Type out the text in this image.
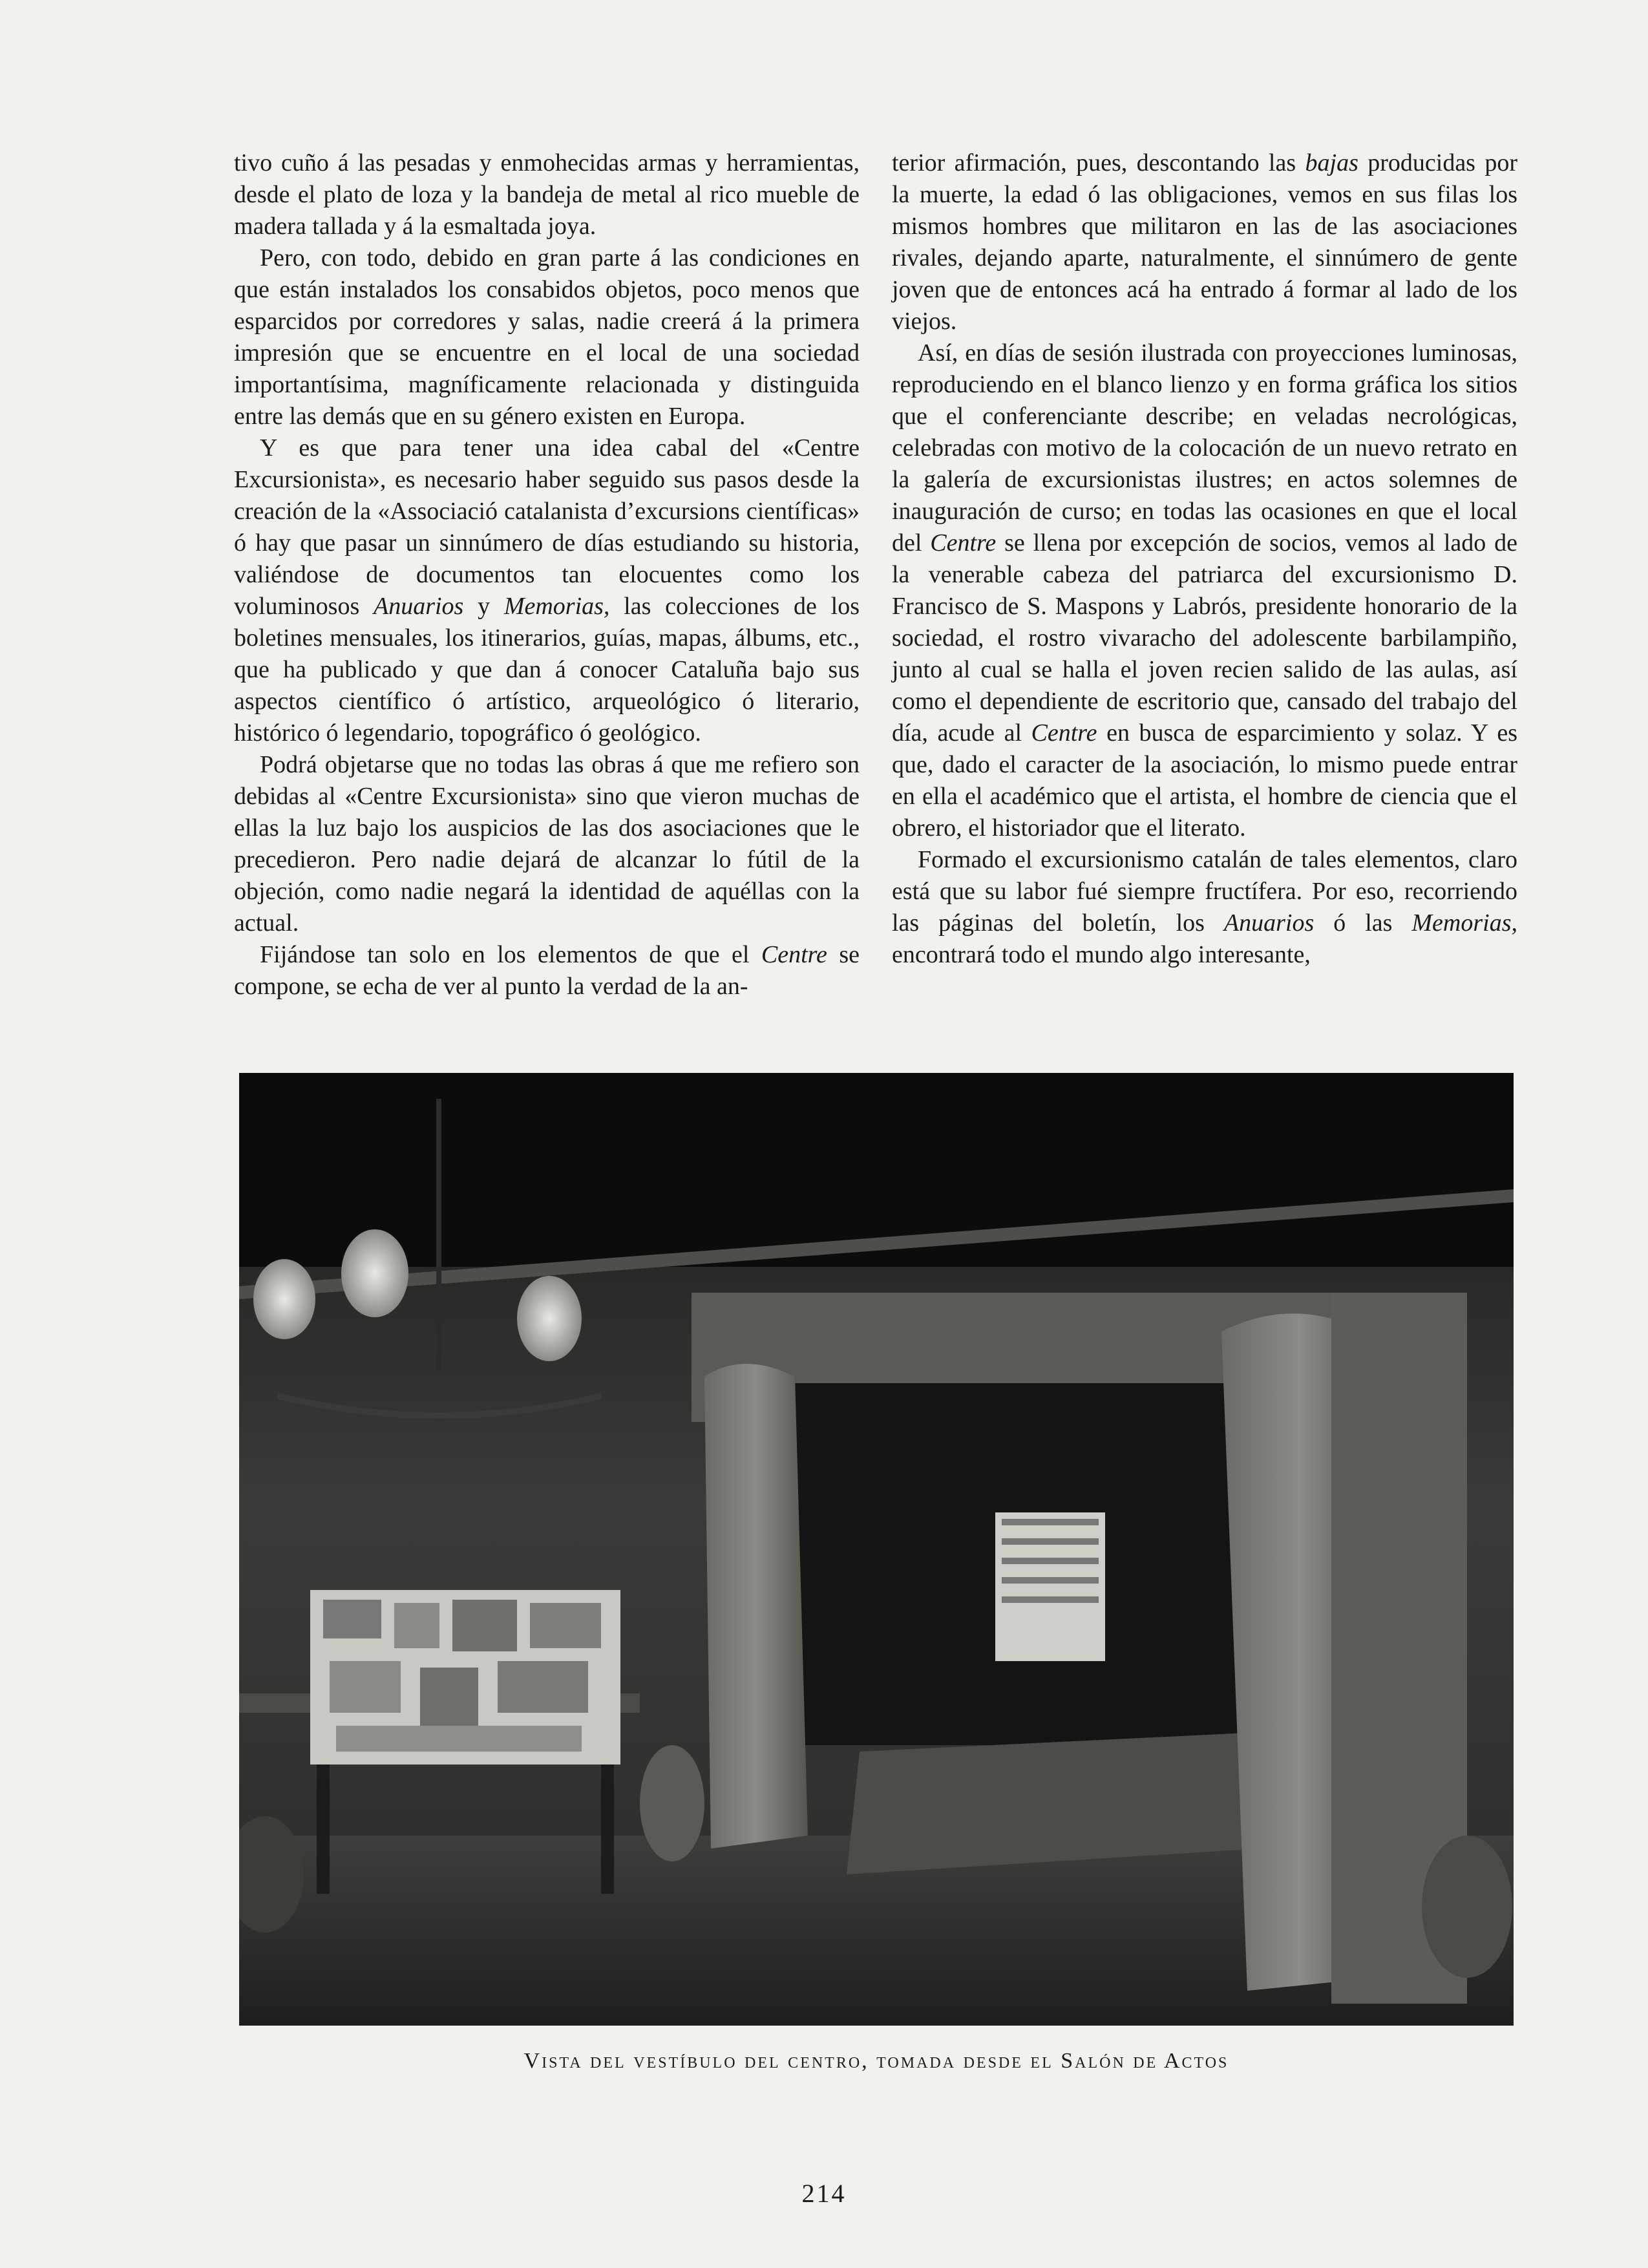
tivo cuño á las pesadas y enmohecidas armas y herramientas, desde el plato de loza y la bandeja de metal al rico mueble de madera tallada y á la esmaltada joya.

Pero, con todo, debido en gran parte á las condiciones en que están instalados los consabidos objetos, poco menos que esparcidos por corredores y salas, nadie creerá á la primera impresión que se encuentre en el local de una sociedad importantísima, magníficamente relacionada y distinguida entre las demás que en su género existen en Europa.

Y es que para tener una idea cabal del «Centre Excursionista», es necesario haber seguido sus pasos desde la creación de la «Associació catalanista d’excursions científicas» ó hay que pasar un sinnúmero de días estudiando su historia, valiéndose de documentos tan elocuentes como los voluminosos Anuarios y Memorias, las colecciones de los boletines mensuales, los itinerarios, guías, mapas, álbums, etc., que ha publicado y que dan á conocer Cataluña bajo sus aspectos científico ó artístico, arqueológico ó literario, histórico ó legendario, topográfico ó geológico.

Podrá objetarse que no todas las obras á que me refiero son debidas al «Centre Excursionista» sino que vieron muchas de ellas la luz bajo los auspicios de las dos asociaciones que le precedieron. Pero nadie dejará de alcanzar lo fútil de la objeción, como nadie negará la identidad de aquéllas con la actual.

Fijándose tan solo en los elementos de que el Centre se compone, se echa de ver al punto la verdad de la an-

terior afirmación, pues, descontando las bajas producidas por la muerte, la edad ó las obligaciones, vemos en sus filas los mismos hombres que militaron en las de las asociaciones rivales, dejando aparte, naturalmente, el sinnúmero de gente joven que de entonces acá ha entrado á formar al lado de los viejos.

Así, en días de sesión ilustrada con proyecciones luminosas, reproduciendo en el blanco lienzo y en forma gráfica los sitios que el conferenciante describe; en veladas necrológicas, celebradas con motivo de la colocación de un nuevo retrato en la galería de excursionistas ilustres; en actos solemnes de inauguración de curso; en todas las ocasiones en que el local del Centre se llena por excepción de socios, vemos al lado de la venerable cabeza del patriarca del excursionismo D. Francisco de S. Maspons y Labrós, presidente honorario de la sociedad, el rostro vivaracho del adolescente barbilampiño, junto al cual se halla el joven recien salido de las aulas, así como el dependiente de escritorio que, cansado del trabajo del día, acude al Centre en busca de esparcimiento y solaz. Y es que, dado el caracter de la asociación, lo mismo puede entrar en ella el académico que el artista, el hombre de ciencia que el obrero, el historiador que el literato.

Formado el excursionismo catalán de tales elementos, claro está que su labor fué siempre fructífera. Por eso, recorriendo las páginas del boletín, los Anuarios ó las Memorias, encontrará todo el mundo algo interesante,

Vista del vestíbulo del centro, tomada desde el Salón de Actos
214
